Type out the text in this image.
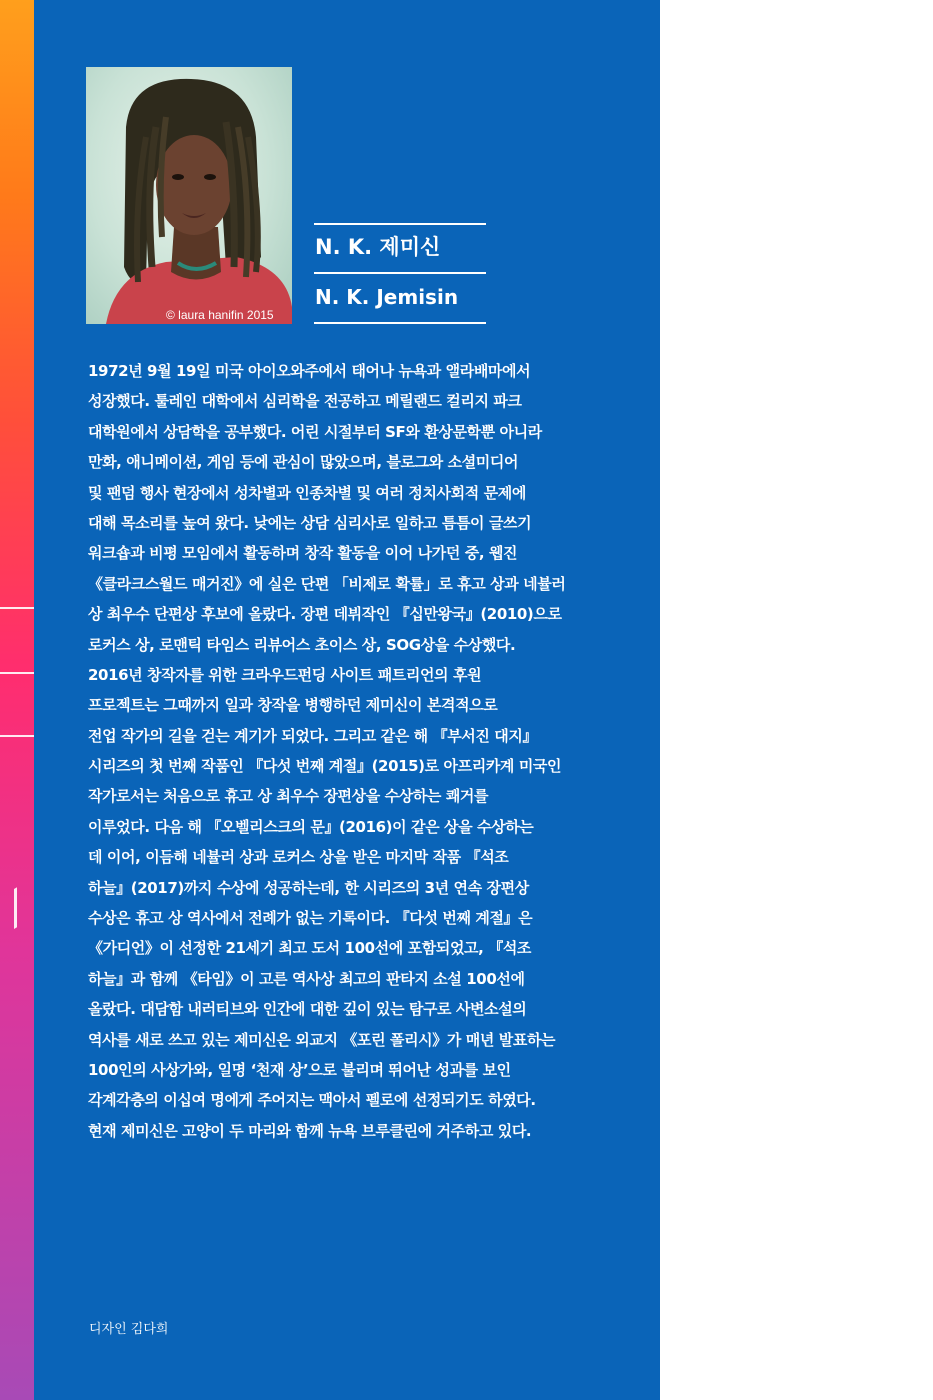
© laura hanifin 2015
N. K. 제미신
N. K. Jemisin
1972년 9월 19일 미국 아이오와주에서 태어나 뉴욕과 앨라배마에서
성장했다. 툴레인 대학에서 심리학을 전공하고 메릴랜드 컬리지 파크
대학원에서 상담학을 공부했다. 어린 시절부터 SF와 환상문학뿐 아니라
만화, 애니메이션, 게임 등에 관심이 많았으며, 블로그와 소셜미디어
및 팬덤 행사 현장에서 성차별과 인종차별 및 여러 정치사회적 문제에
대해 목소리를 높여 왔다. 낮에는 상담 심리사로 일하고 틈틈이 글쓰기
워크숍과 비평 모임에서 활동하며 창작 활동을 이어 나가던 중, 웹진
《클라크스월드 매거진》에 실은 단편 「비제로 확률」로 휴고 상과 네뷸러
상 최우수 단편상 후보에 올랐다. 장편 데뷔작인 『십만왕국』(2010)으로
로커스 상, 로맨틱 타임스 리뷰어스 초이스 상, SOG상을 수상했다.
2016년 창작자를 위한 크라우드펀딩 사이트 패트리언의 후원
프로젝트는 그때까지 일과 창작을 병행하던 제미신이 본격적으로
전업 작가의 길을 걷는 계기가 되었다. 그리고 같은 해 『부서진 대지』
시리즈의 첫 번째 작품인 『다섯 번째 계절』(2015)로 아프리카계 미국인
작가로서는 처음으로 휴고 상 최우수 장편상을 수상하는 쾌거를
이루었다. 다음 해 『오벨리스크의 문』(2016)이 같은 상을 수상하는
데 이어, 이듬해 네뷸러 상과 로커스 상을 받은 마지막 작품 『석조
하늘』(2017)까지 수상에 성공하는데, 한 시리즈의 3년 연속 장편상
수상은 휴고 상 역사에서 전례가 없는 기록이다. 『다섯 번째 계절』은
《가디언》이 선정한 21세기 최고 도서 100선에 포함되었고, 『석조
하늘』과 함께 《타임》이 고른 역사상 최고의 판타지 소설 100선에
올랐다. 대담함 내러티브와 인간에 대한 깊이 있는 탐구로 사변소설의
역사를 새로 쓰고 있는 제미신은 외교지 《포린 폴리시》가 매년 발표하는
100인의 사상가와, 일명 ‘천재 상’으로 불리며 뛰어난 성과를 보인
각계각층의 이십여 명에게 주어지는 맥아서 펠로에 선정되기도 하였다.
현재 제미신은 고양이 두 마리와 함께 뉴욕 브루클린에 거주하고 있다.
디자인 김다희
